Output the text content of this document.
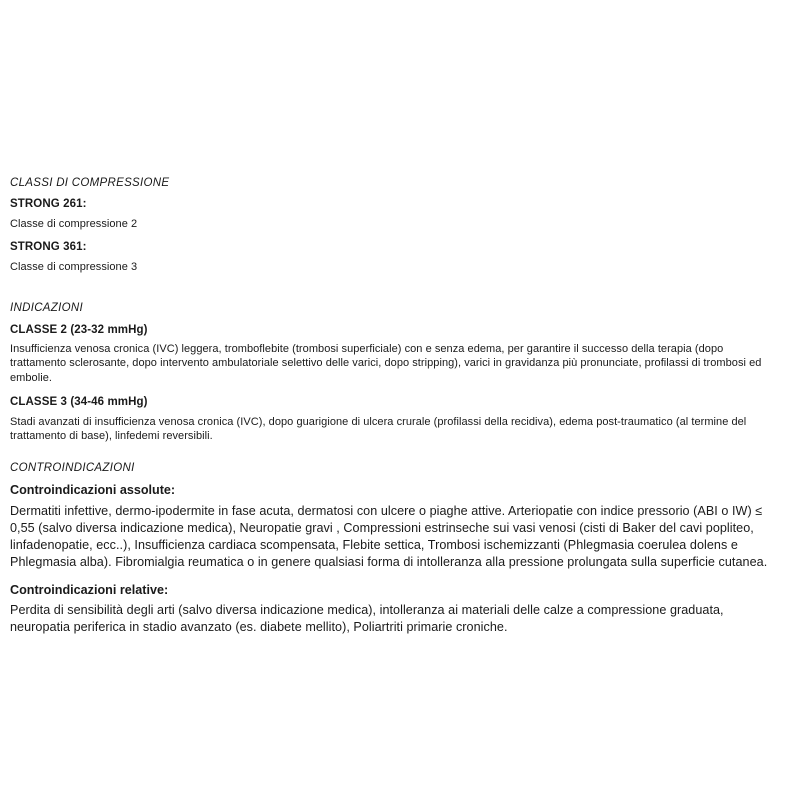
CLASSI DI COMPRESSIONE
STRONG 261:
Classe di compressione 2
STRONG 361:
Classe di compressione 3
INDICAZIONI
CLASSE 2 (23-32 mmHg)
Insufficienza venosa cronica (IVC) leggera, tromboflebite (trombosi superficiale) con e senza edema, per garantire il successo della terapia (dopo trattamento sclerosante, dopo intervento ambulatoriale selettivo delle varici, dopo stripping), varici in gravidanza più pronunciate, profilassi di trombosi ed embolie.
CLASSE 3 (34-46 mmHg)
Stadi avanzati di insufficienza venosa cronica (IVC), dopo guarigione di ulcera crurale (profilassi della recidiva), edema post-traumatico (al termine del trattamento di base), linfedemi reversibili.
CONTROINDICAZIONI
Controindicazioni assolute:
Dermatiti infettive, dermo-ipodermite in fase acuta, dermatosi con ulcere o piaghe attive. Arteriopatie con indice pressorio (ABI o IW) ≤ 0,55 (salvo diversa indicazione medica), Neuropatie gravi , Compressioni estrinseche sui vasi venosi (cisti di Baker del cavi popliteo, linfadenopatie, ecc..), Insufficienza cardiaca scompensata, Flebite settica, Trombosi ischemizzanti (Phlegmasia coerulea dolens e Phlegmasia alba). Fibromialgia reumatica o in genere qualsiasi forma di intolleranza alla pressione prolungata sulla superficie cutanea.
Controindicazioni relative:
Perdita di sensibilità degli arti (salvo diversa indicazione medica), intolleranza ai materiali delle calze a compressione graduata, neuropatia periferica in stadio avanzato (es. diabete mellito), Poliartriti primarie croniche.
